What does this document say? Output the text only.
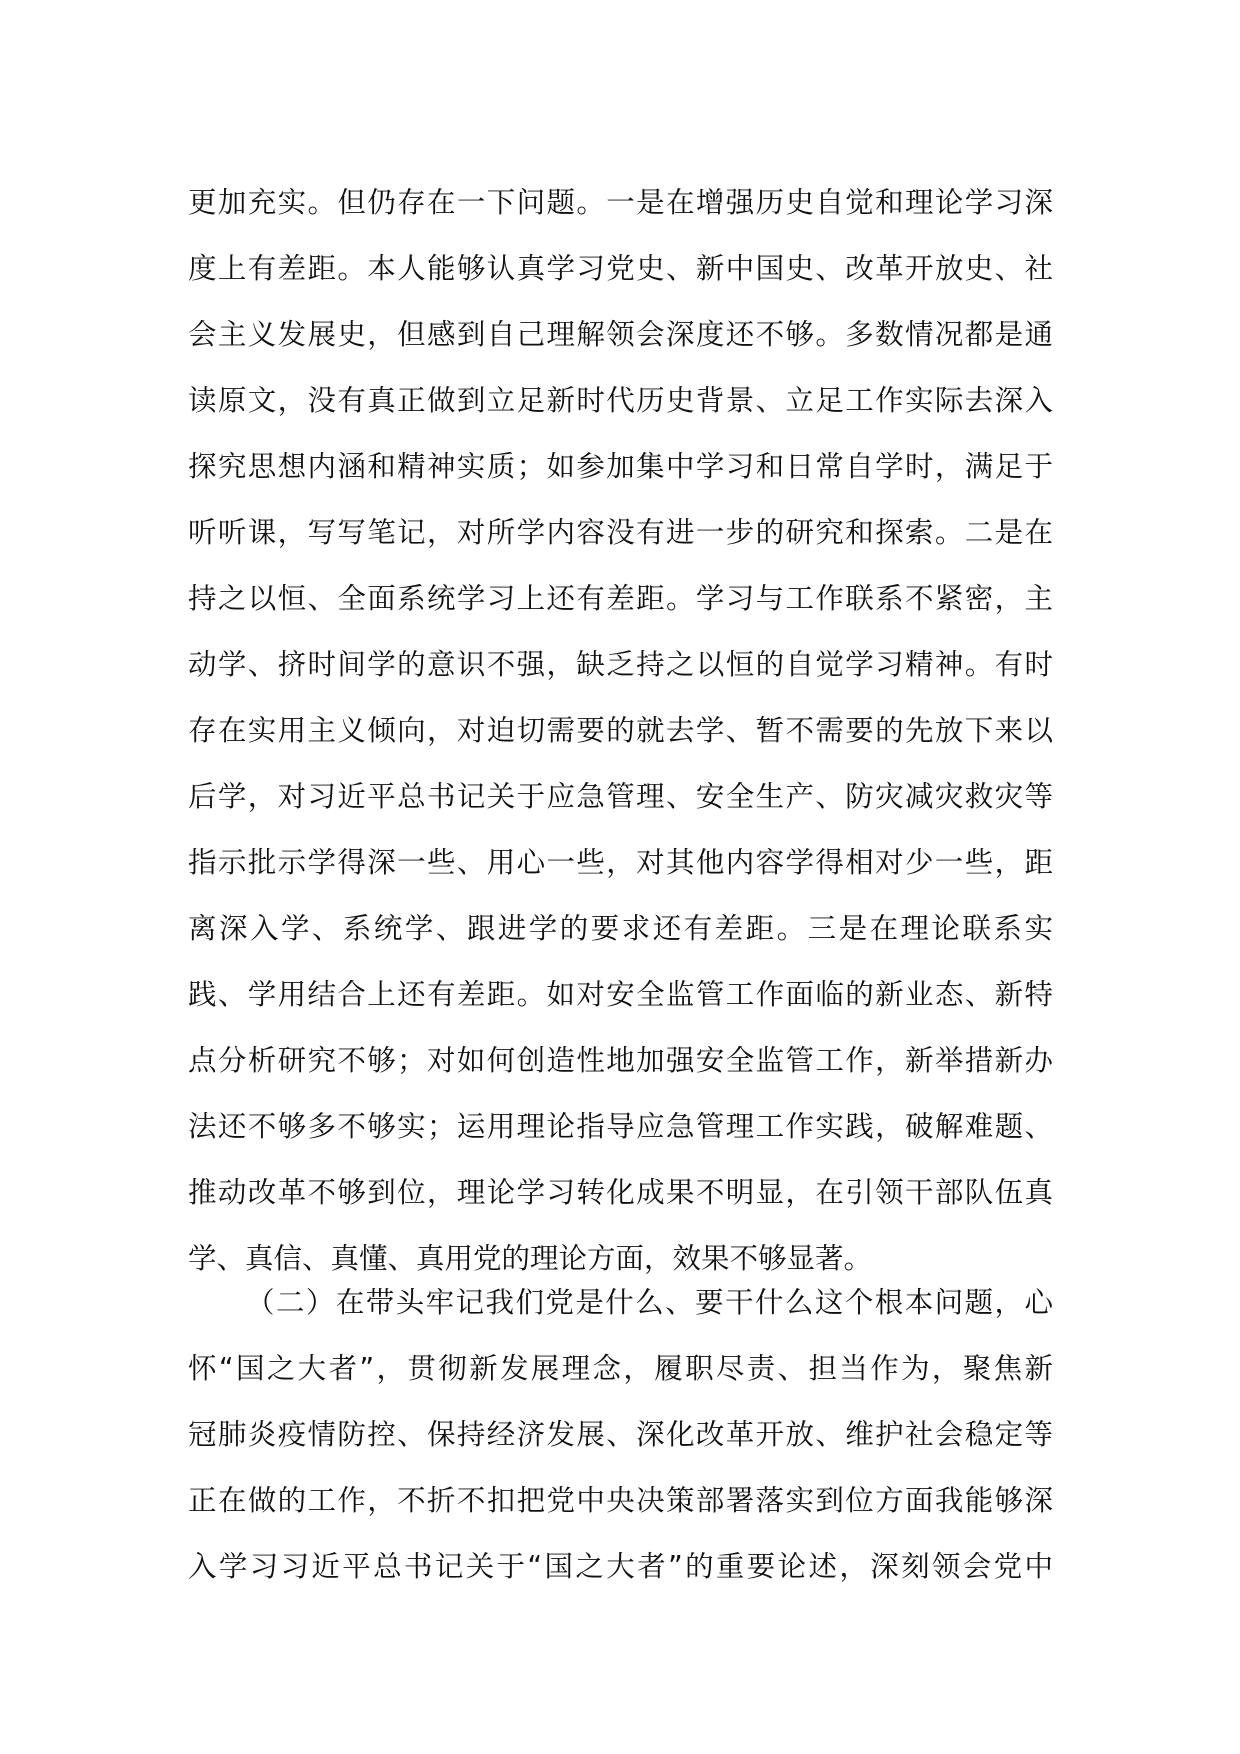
更加充实。但仍存在一下问题。一是在增强历史自觉和理论学习深
度上有差距。本人能够认真学习党史、新中国史、改革开放史、社
会主义发展史，但感到自己理解领会深度还不够。多数情况都是通
读原文，没有真正做到立足新时代历史背景、立足工作实际去深入
探究思想内涵和精神实质；如参加集中学习和日常自学时，满足于
听听课，写写笔记，对所学内容没有进一步的研究和探索。二是在
持之以恒、全面系统学习上还有差距。学习与工作联系不紧密，主
动学、挤时间学的意识不强，缺乏持之以恒的自觉学习精神。有时
存在实用主义倾向，对迫切需要的就去学、暂不需要的先放下来以
后学，对习近平总书记关于应急管理、安全生产、防灾减灾救灾等
指示批示学得深一些、用心一些，对其他内容学得相对少一些，距
离深入学、系统学、跟进学的要求还有差距。三是在理论联系实
践、学用结合上还有差距。如对安全监管工作面临的新业态、新特
点分析研究不够；对如何创造性地加强安全监管工作，新举措新办
法还不够多不够实；运用理论指导应急管理工作实践，破解难题、
推动改革不够到位，理论学习转化成果不明显，在引领干部队伍真
学、真信、真懂、真用党的理论方面，效果不够显著。
（二）在带头牢记我们党是什么、要干什么这个根本问题，心
怀“国之大者”，贯彻新发展理念，履职尽责、担当作为，聚焦新
冠肺炎疫情防控、保持经济发展、深化改革开放、维护社会稳定等
正在做的工作，不折不扣把党中央决策部署落实到位方面我能够深
入学习习近平总书记关于“国之大者”的重要论述，深刻领会党中
